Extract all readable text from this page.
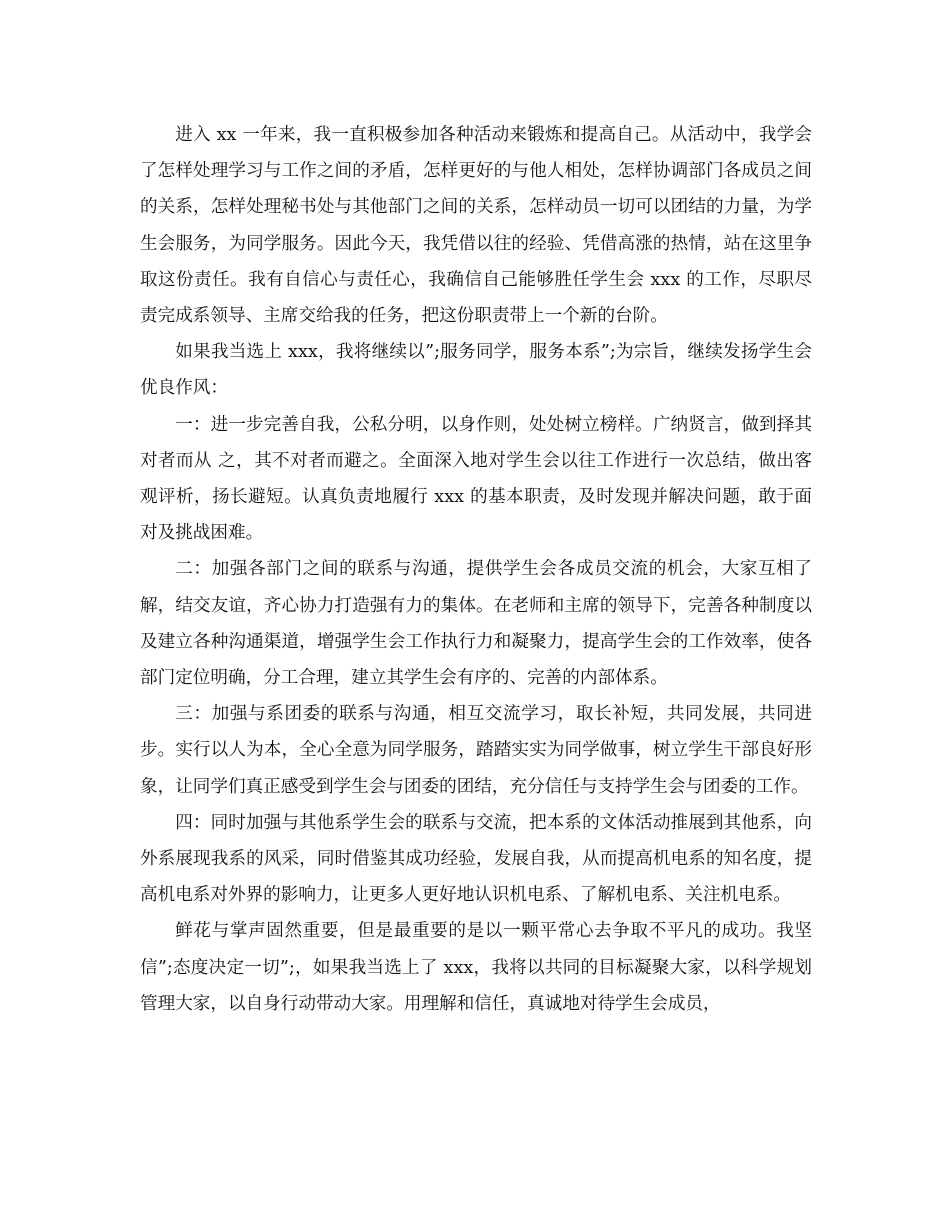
进入 xx 一年来，我一直积极参加各种活动来锻炼和提高自己。从活动中，我学会了怎样处理学习与工作之间的矛盾，怎样更好的与他人相处，怎样协调部门各成员之间的关系，怎样处理秘书处与其他部门之间的关系，怎样动员一切可以团结的力量，为学生会服务，为同学服务。因此今天，我凭借以往的经验、凭借高涨的热情，站在这里争取这份责任。我有自信心与责任心，我确信自己能够胜任学生会 xxx 的工作，尽职尽责完成系领导、主席交给我的任务，把这份职责带上一个新的台阶。

如果我当选上 xxx，我将继续以”;服务同学，服务本系”;为宗旨，继续发扬学生会优良作风：

一：进一步完善自我，公私分明，以身作则，处处树立榜样。广纳贤言，做到择其对者而从 之，其不对者而避之。全面深入地对学生会以往工作进行一次总结，做出客观评析，扬长避短。认真负责地履行 xxx 的基本职责，及时发现并解决问题，敢于面对及挑战困难。

二：加强各部门之间的联系与沟通，提供学生会各成员交流的机会，大家互相了解，结交友谊，齐心协力打造强有力的集体。在老师和主席的领导下，完善各种制度以及建立各种沟通渠道，增强学生会工作执行力和凝聚力，提高学生会的工作效率，使各部门定位明确，分工合理，建立其学生会有序的、完善的内部体系。

三：加强与系团委的联系与沟通，相互交流学习，取长补短，共同发展，共同进步。实行以人为本，全心全意为同学服务，踏踏实实为同学做事，树立学生干部良好形象，让同学们真正感受到学生会与团委的团结，充分信任与支持学生会与团委的工作。

四：同时加强与其他系学生会的联系与交流，把本系的文体活动推展到其他系，向外系展现我系的风采，同时借鉴其成功经验，发展自我，从而提高机电系的知名度，提高机电系对外界的影响力，让更多人更好地认识机电系、了解机电系、关注机电系。

鲜花与掌声固然重要，但是最重要的是以一颗平常心去争取不平凡的成功。我坚信”;态度决定一切”;，如果我当选上了 xxx，我将以共同的目标凝聚大家，以科学规划管理大家，以自身行动带动大家。用理解和信任，真诚地对待学生会成员，
